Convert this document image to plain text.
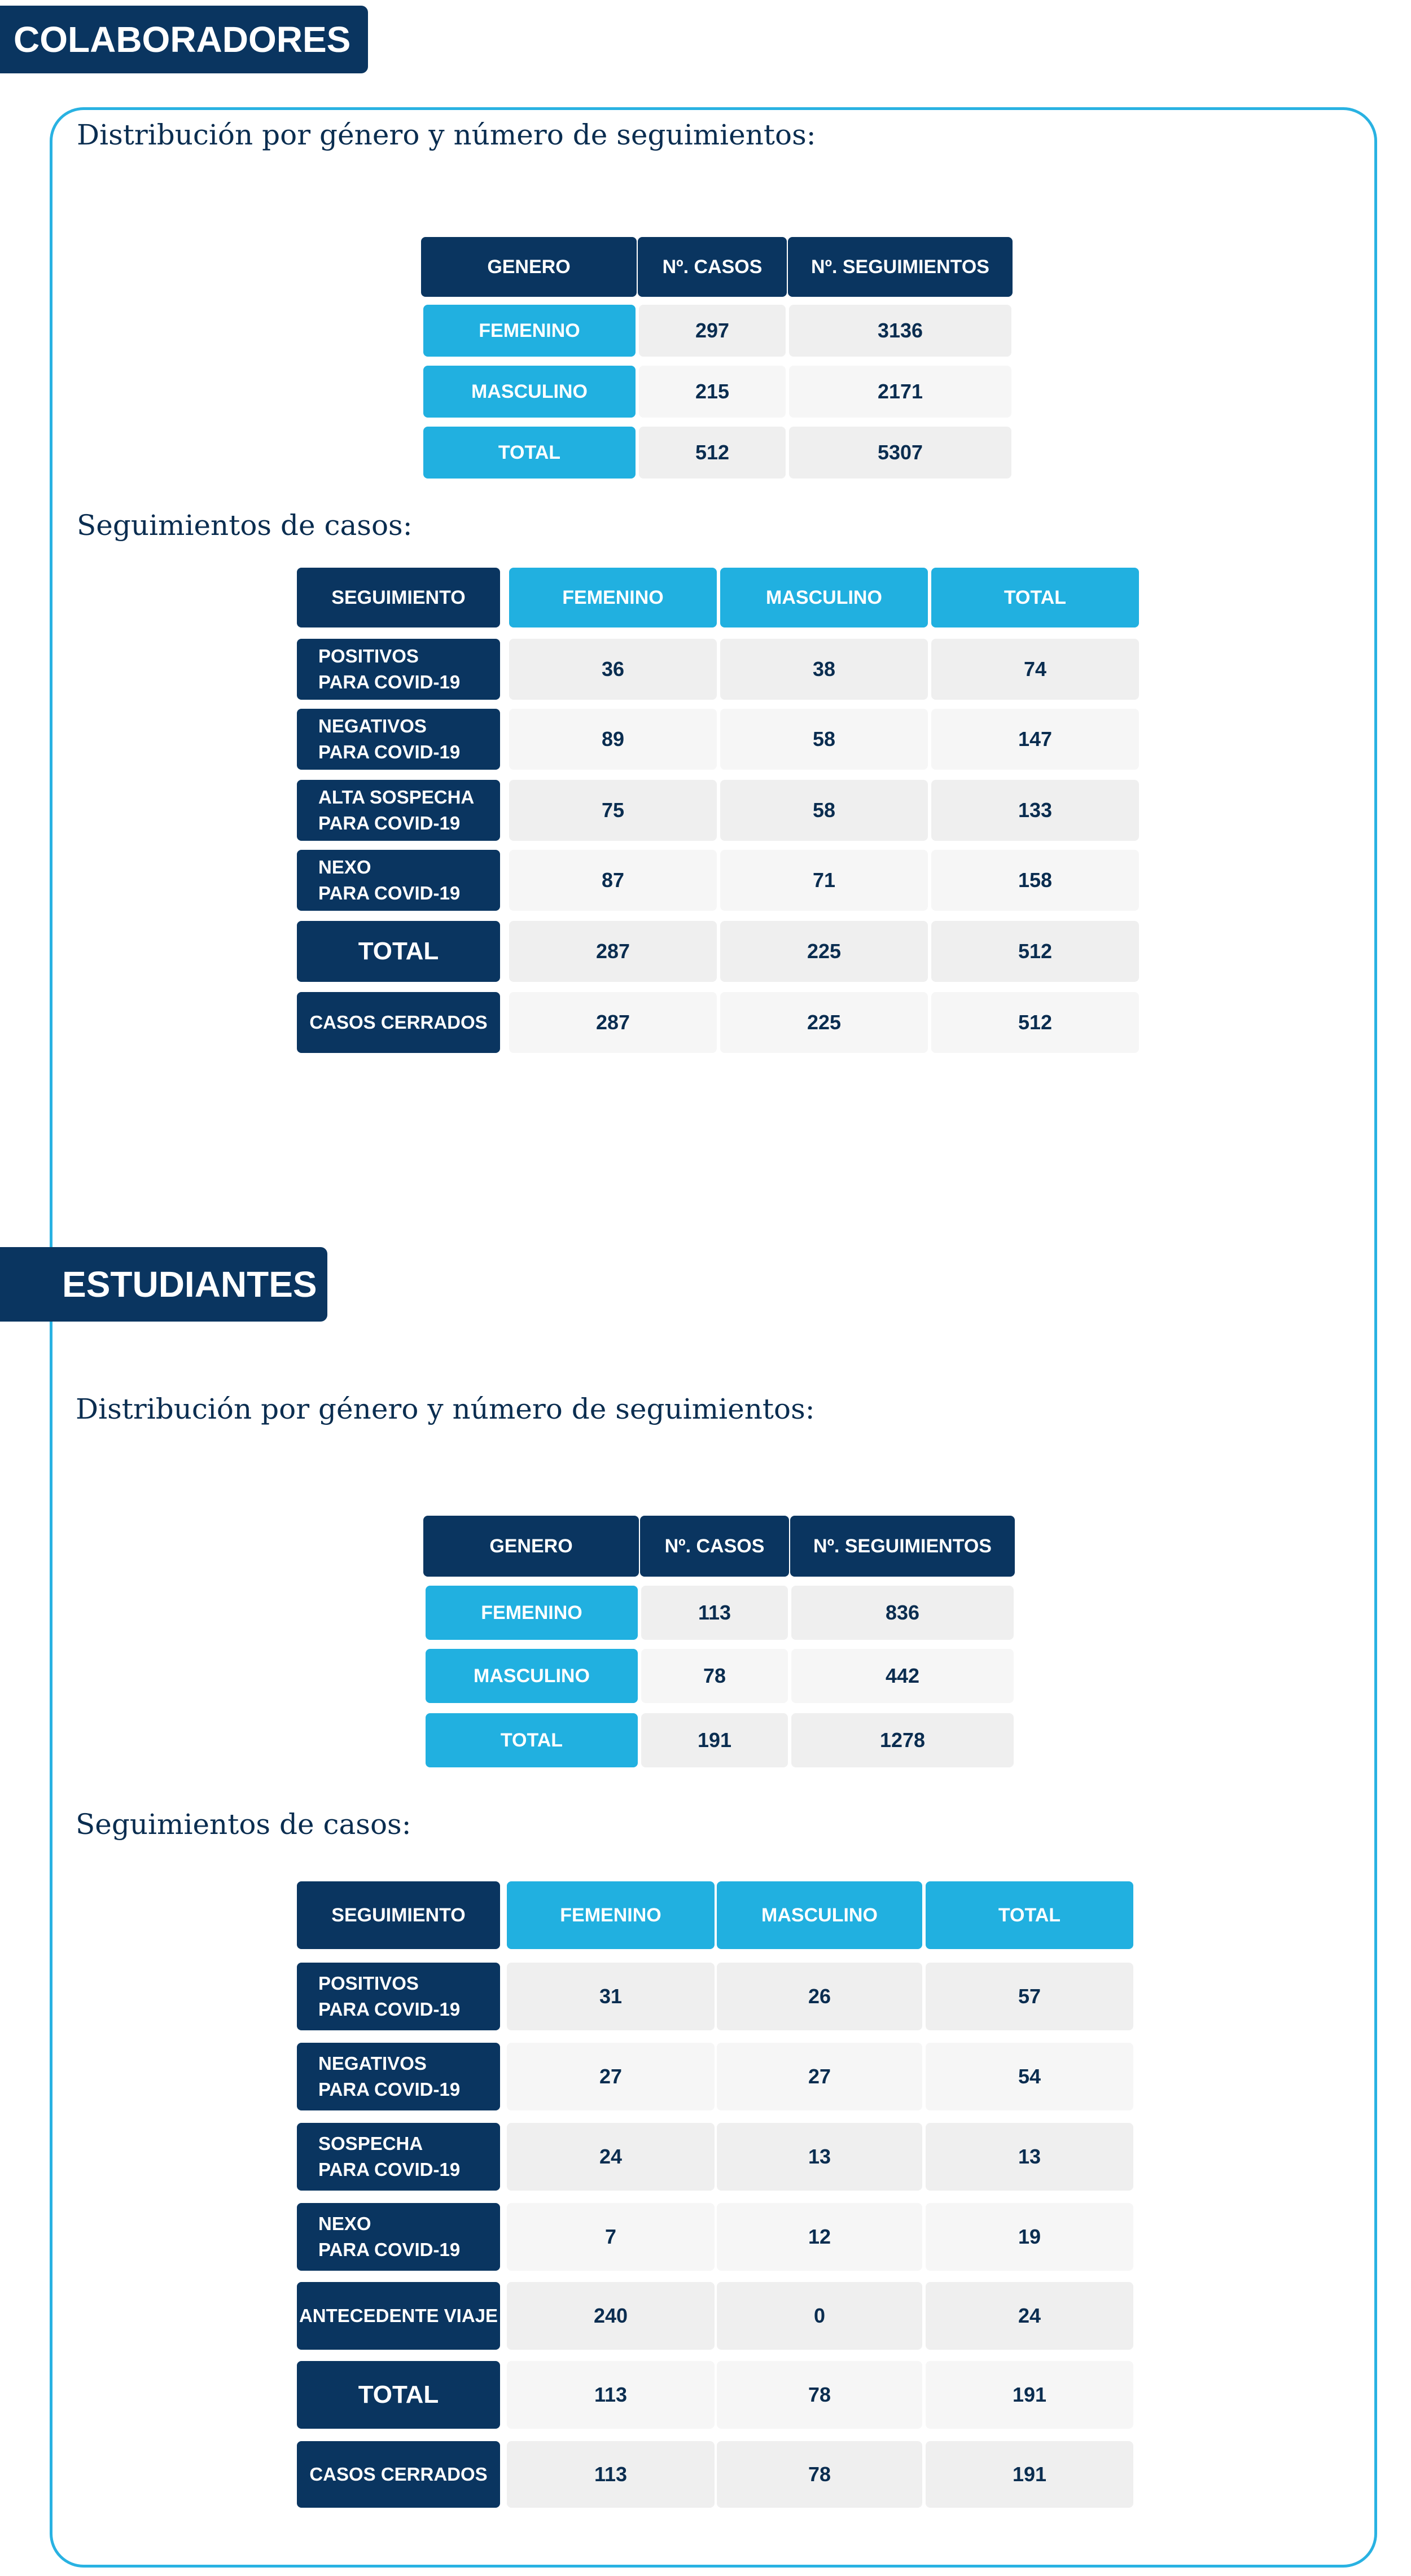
COLABORADORES
Distribución por género y número de seguimientos:
GENERO	Nº. CASOS	Nº. SEGUIMIENTOS
FEMENINO	297	3136
MASCULINO	215	2171
TOTAL	512	5307
Seguimientos de casos:
SEGUIMIENTO	FEMENINO	MASCULINO	TOTAL
POSITIVOS
PARA COVID-19
36	38	74
NEGATIVOS
PARA COVID-19
89	58	147
ALTA SOSPECHA
PARA COVID-19
75	58	133
NEXO
PARA COVID-19
87	71	158
TOTAL	287	225	512
CASOS CERRADOS	287	225	512
ESTUDIANTES
Distribución por género y número de seguimientos:
GENERO	Nº. CASOS	Nº. SEGUIMIENTOS
FEMENINO	113	836
MASCULINO	78	442
TOTAL	191	1278
Seguimientos de casos:
SEGUIMIENTO	FEMENINO	MASCULINO	TOTAL
POSITIVOS
PARA COVID-19
31	26	57
NEGATIVOS
PARA COVID-19
27	27	54
SOSPECHA
PARA COVID-19
24	13	13
NEXO
PARA COVID-19
7	12	19
ANTECEDENTE VIAJE	240	0	24
TOTAL	113	78	191
CASOS CERRADOS	113	78	191
